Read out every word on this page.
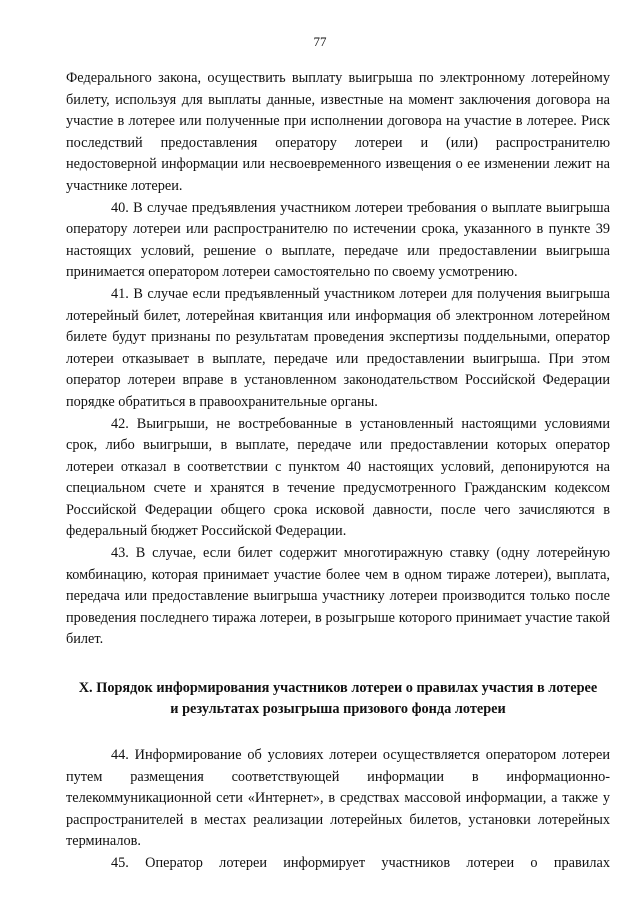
77

Федерального закона, осуществить выплату выигрыша по электронному лотерейному билету, используя для выплаты данные, известные на момент заключения договора на участие в лотерее или полученные при исполнении договора на участие в лотерее. Риск последствий предоставления оператору лотереи и (или) распространителю недостоверной информации или несвоевременного извещения о ее изменении лежит на участнике лотереи.

40. В случае предъявления участником лотереи требования о выплате выигрыша оператору лотереи или распространителю по истечении срока, указанного в пункте 39 настоящих условий, решение о выплате, передаче или предоставлении выигрыша принимается оператором лотереи самостоятельно по своему усмотрению.

41. В случае если предъявленный участником лотереи для получения выигрыша лотерейный билет, лотерейная квитанция или информация об электронном лотерейном билете будут признаны по результатам проведения экспертизы поддельными, оператор лотереи отказывает в выплате, передаче или предоставлении выигрыша. При этом оператор лотереи вправе в установленном законодательством Российской Федерации порядке обратиться в правоохранительные органы.

42. Выигрыши, не востребованные в установленный настоящими условиями срок, либо выигрыши, в выплате, передаче или предоставлении которых оператор лотереи отказал в соответствии с пунктом 40 настоящих условий, депонируются на специальном счете и хранятся в течение предусмотренного Гражданским кодексом Российской Федерации общего срока исковой давности, после чего зачисляются в федеральный бюджет Российской Федерации.

43. В случае, если билет содержит многотиражную ставку (одну лотерейную комбинацию, которая принимает участие более чем в одном тираже лотереи), выплата, передача или предоставление выигрыша участнику лотереи производится только после проведения последнего тиража лотереи, в розыгрыше которого принимает участие такой билет.

X. Порядок информирования участников лотереи о правилах участия в лотерее
и результатах розыгрыша призового фонда лотереи

44. Информирование об условиях лотереи осуществляется оператором лотереи путем размещения соответствующей информации в информационно-телекоммуникационной сети «Интернет», в средствах массовой информации, а также у распространителей в местах реализации лотерейных билетов, установки лотерейных терминалов.

45. Оператор лотереи информирует участников лотереи о правилах
